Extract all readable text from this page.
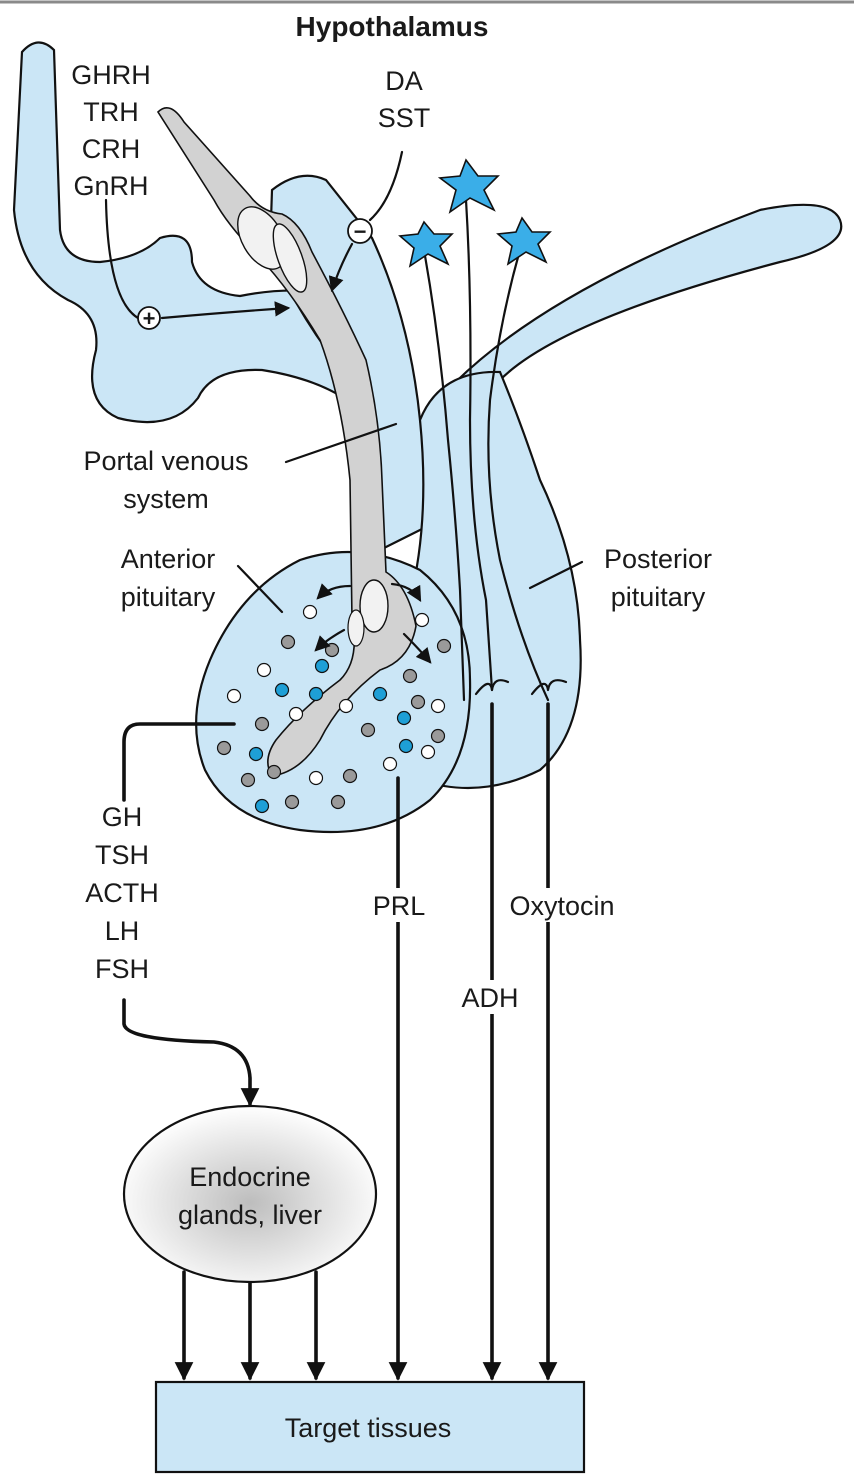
+
−
Hypothalamus
GHRH
TRH
CRH
GnRH
DA
SST
Portal venous
system
Anterior
pituitary
Posterior
pituitary
GH
TSH
ACTH
LH
FSH
PRL	Oxytocin
ADH
Endocrine
glands, liver
Target tissues
